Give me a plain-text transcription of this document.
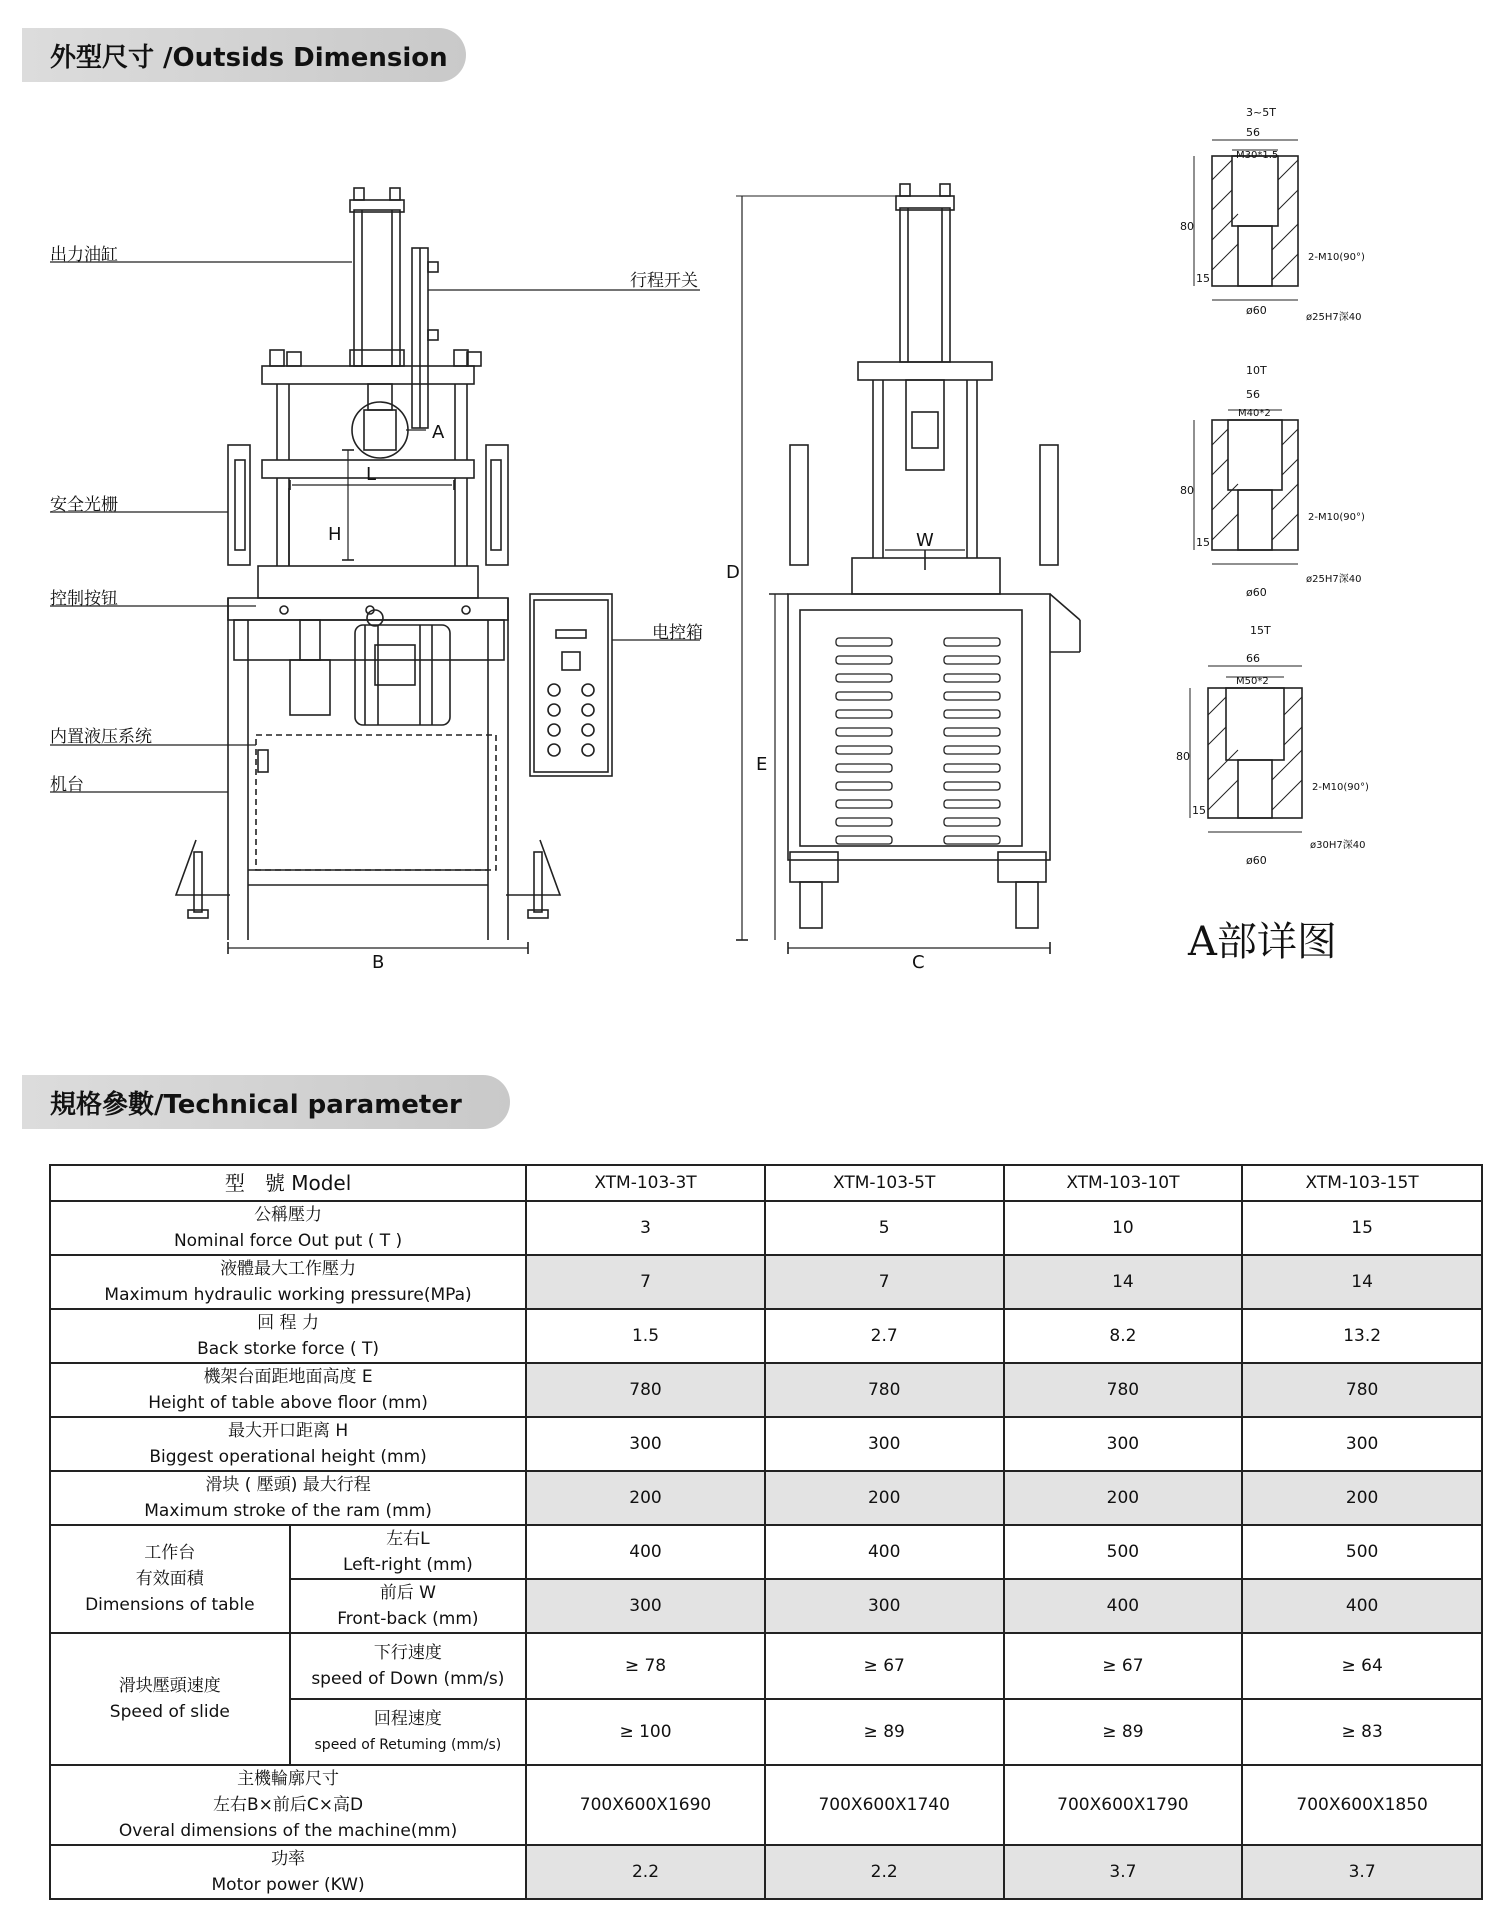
外型尺寸 /Outsids Dimension
A
L
H
B
D
W
E
C
3~5T
56
M30*1.5
80
15
2-M10(90°)
ø25H7深40
ø60
10T
56
M40*2
80
15
2-M10(90°)
ø25H7深40
ø60
15T
66
M50*2
80
15
2-M10(90°)
ø30H7深40
ø60
出力油缸
行程开关
安全光栅
控制按钮
电控箱
内置液压系统
机台
A部详图
規格參數/Technical parameter
型　號 Model		XTM-103-3T	XTM-103-5T	XTM-103-10T	XTM-103-15T

公稱壓力
Nominal force Out put ( T )		3	5	10	15

液體最大工作壓力
Maximum hydraulic working pressure(MPa)		7	7	14	14

回 程 力
Back storke force ( T)		1.5	2.7	8.2	13.2

機架台面距地面高度 E
Height of table above floor (mm)		780	780	780	780

最大开口距离 H
Biggest operational height (mm)		300	300	300	300

滑块 ( 壓頭) 最大行程
Maximum stroke of the ram (mm)		200	200	200	200

工作台
有效面積
Dimensions of table	左右L
Left-right (mm)	400	400	500	500

	前后 W
Front-back (mm)	300	300	400	400

滑块壓頭速度
Speed of slide	下行速度
speed of Down (mm/s)	≥ 78	≥ 67	≥ 67	≥ 64

	回程速度
speed of Retuming (mm/s)	≥ 100	≥ 89	≥ 89	≥ 83

主機輪廓尺寸
左右B×前后C×高D
Overal dimensions of the machine(mm)		700X600X1690	700X600X1740	700X600X1790	700X600X1850

功率
Motor power (KW)		2.2	2.2	3.7	3.7
